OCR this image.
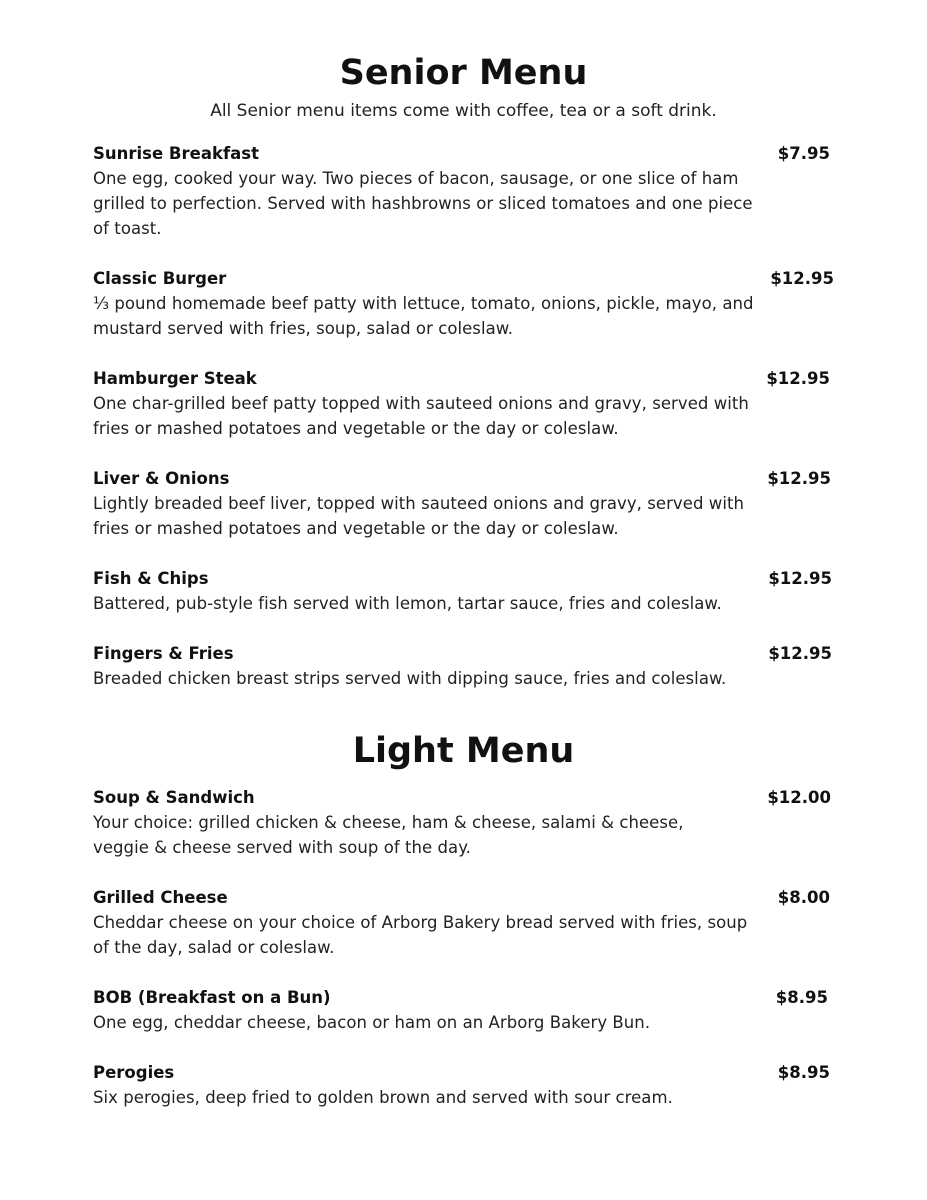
Senior Menu

All Senior menu items come with coffee, tea or a soft drink.

Sunrise Breakfast	$7.95
One egg, cooked your way. Two pieces of bacon, sausage, or one slice of ham grilled to perfection. Served with hashbrowns or sliced tomatoes and one piece of toast.
Classic Burger	$12.95
⅓ pound homemade beef patty with lettuce, tomato, onions, pickle, mayo, and mustard served with fries, soup, salad or coleslaw.
Hamburger Steak	$12.95
One char-grilled beef patty topped with sauteed onions and gravy, served with fries or mashed potatoes and vegetable or the day or coleslaw.
Liver & Onions	$12.95
Lightly breaded beef liver, topped with sauteed onions and gravy, served with fries or mashed potatoes and vegetable or the day or coleslaw.
Fish & Chips	$12.95
Battered, pub-style fish served with lemon, tartar sauce, fries and coleslaw.
Fingers & Fries	$12.95
Breaded chicken breast strips served with dipping sauce, fries and coleslaw.
Light Menu
Soup & Sandwich	$12.00
Your choice: grilled chicken & cheese, ham & cheese, salami & cheese, veggie & cheese served with soup of the day.
Grilled Cheese	$8.00
Cheddar cheese on your choice of Arborg Bakery bread served with fries, soup of the day, salad or coleslaw.
BOB (Breakfast on a Bun)	$8.95
One egg, cheddar cheese, bacon or ham on an Arborg Bakery Bun.
Perogies	$8.95
Six perogies, deep fried to golden brown and served with sour cream.
